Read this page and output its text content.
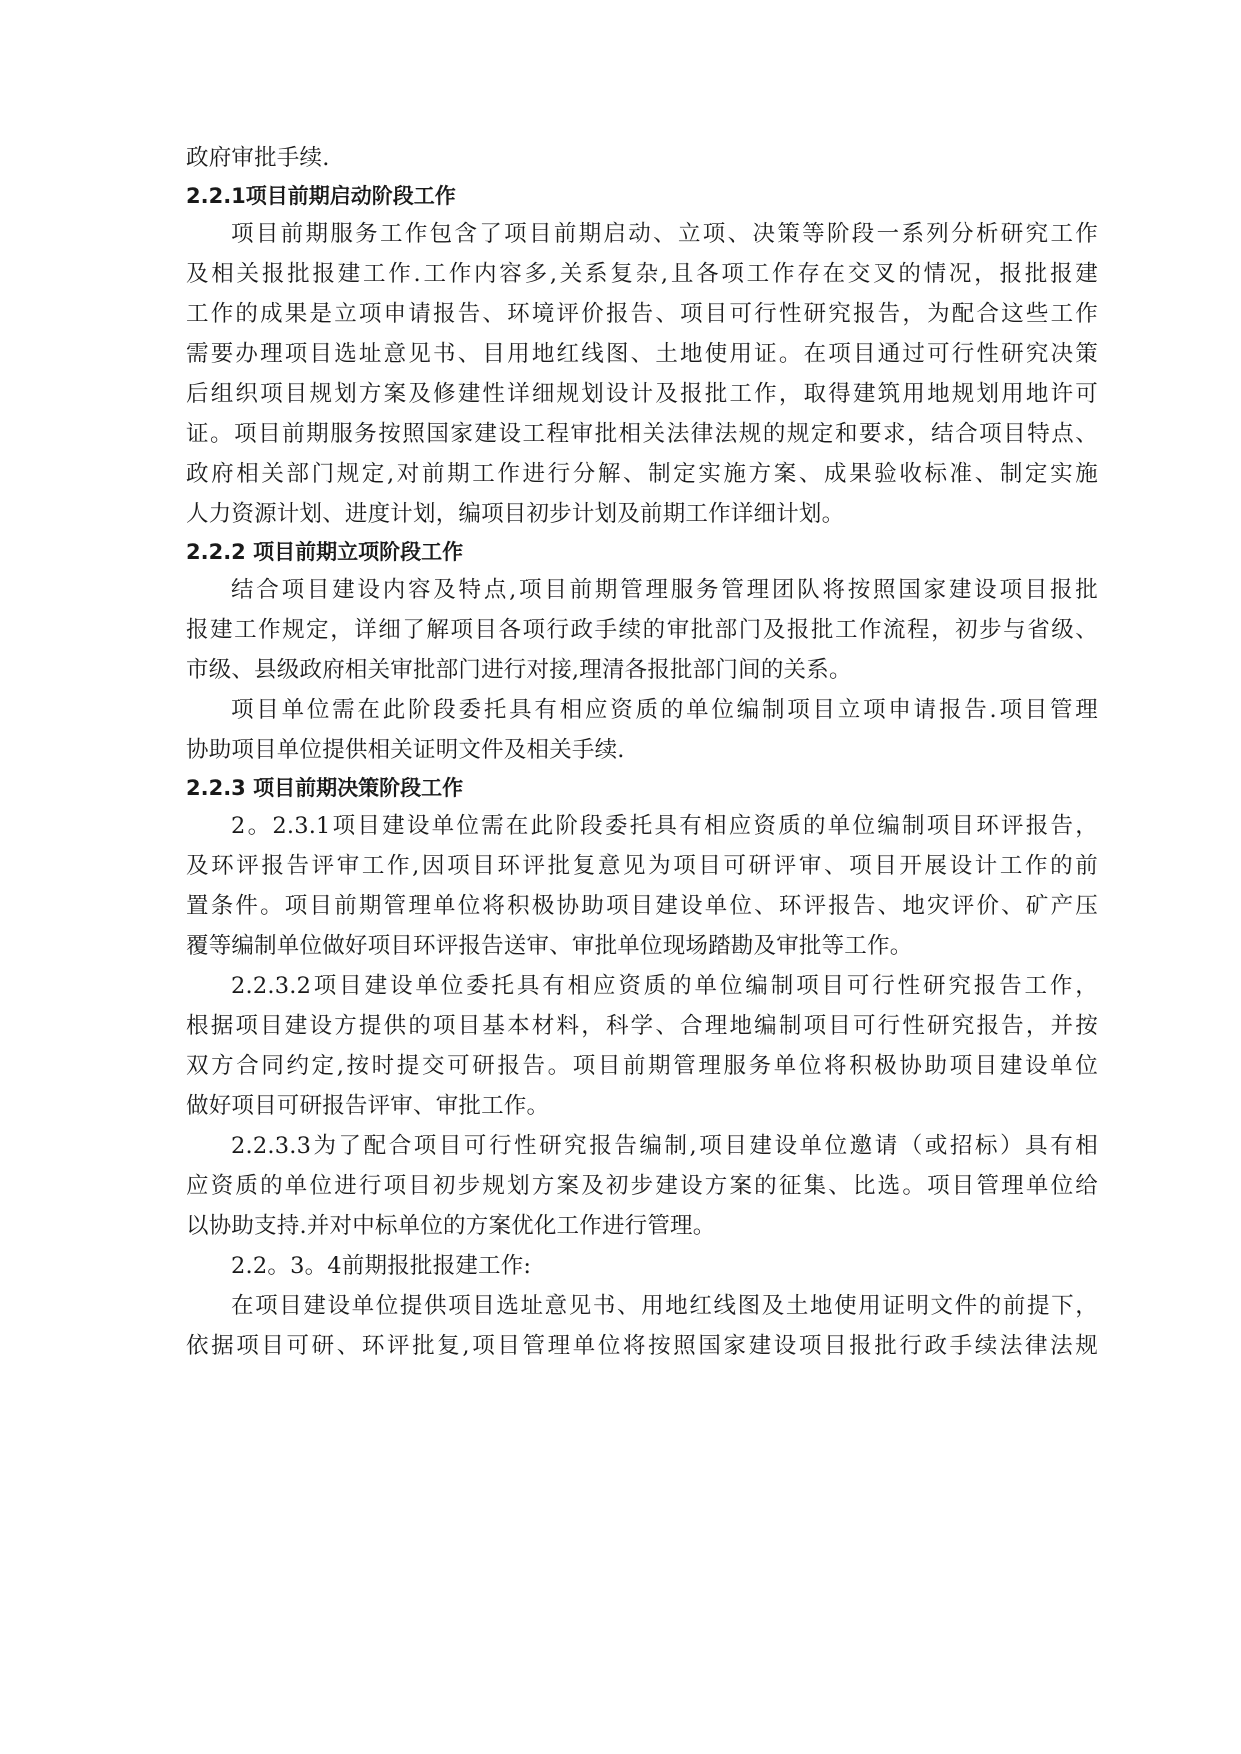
政府审批手续.
2.2.1项目前期启动阶段工作
项目前期服务工作包含了项目前期启动、立项、决策等阶段一系列分析研究工作
及相关报批报建工作.工作内容多,关系复杂,且各项工作存在交叉的情况，报批报建
工作的成果是立项申请报告、环境评价报告、项目可行性研究报告，为配合这些工作
需要办理项目选址意见书、目用地红线图、土地使用证。在项目通过可行性研究决策
后组织项目规划方案及修建性详细规划设计及报批工作，取得建筑用地规划用地许可
证。项目前期服务按照国家建设工程审批相关法律法规的规定和要求，结合项目特点、
政府相关部门规定,对前期工作进行分解、制定实施方案、成果验收标准、制定实施
人力资源计划、进度计划，编项目初步计划及前期工作详细计划。
2.2.2 项目前期立项阶段工作
结合项目建设内容及特点,项目前期管理服务管理团队将按照国家建设项目报批
报建工作规定，详细了解项目各项行政手续的审批部门及报批工作流程，初步与省级、
市级、县级政府相关审批部门进行对接,理清各报批部门间的关系。
项目单位需在此阶段委托具有相应资质的单位编制项目立项申请报告.项目管理
协助项目单位提供相关证明文件及相关手续.
2.2.3 项目前期决策阶段工作
2。2.3.1项目建设单位需在此阶段委托具有相应资质的单位编制项目环评报告，
及环评报告评审工作,因项目环评批复意见为项目可研评审、项目开展设计工作的前
置条件。项目前期管理单位将积极协助项目建设单位、环评报告、地灾评价、矿产压
覆等编制单位做好项目环评报告送审、审批单位现场踏勘及审批等工作。
2.2.3.2项目建设单位委托具有相应资质的单位编制项目可行性研究报告工作，
根据项目建设方提供的项目基本材料，科学、合理地编制项目可行性研究报告，并按
双方合同约定,按时提交可研报告。项目前期管理服务单位将积极协助项目建设单位
做好项目可研报告评审、审批工作。
2.2.3.3为了配合项目可行性研究报告编制,项目建设单位邀请（或招标）具有相
应资质的单位进行项目初步规划方案及初步建设方案的征集、比选。项目管理单位给
以协助支持.并对中标单位的方案优化工作进行管理。
2.2。3。4前期报批报建工作:
在项目建设单位提供项目选址意见书、用地红线图及土地使用证明文件的前提下，
依据项目可研、环评批复,项目管理单位将按照国家建设项目报批行政手续法律法规
